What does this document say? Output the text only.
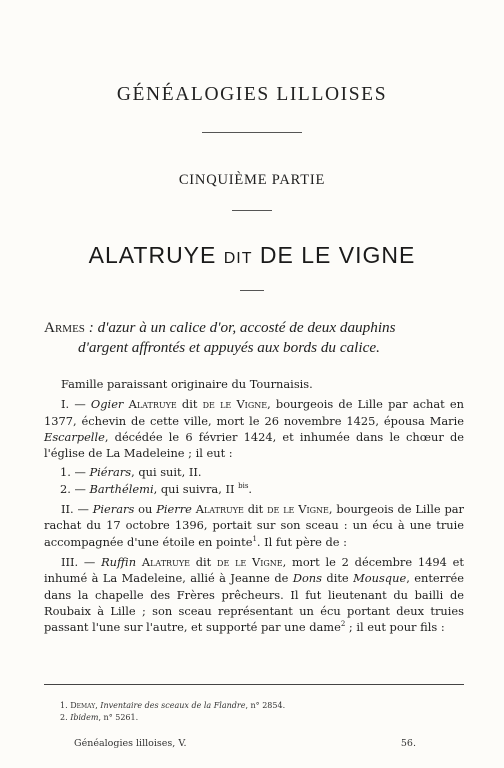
GÉNÉALOGIES LILLOISES
CINQUIÈME PARTIE
ALATRUYE DIT DE LE VIGNE
Armes : d'azur à un calice d'or, accosté de deux dauphins
d'argent affrontés et appuyés aux bords du calice.

Famille paraissant originaire du Tournaisis.

I. — Ogier Alatruye dit de le Vigne, bourgeois de Lille par achat en 1377, échevin de cette ville, mort le 26 novembre 1425, épousa Marie Escarpelle, décédée le 6 février 1424, et inhumée dans le chœur de l'église de La Madeleine ; il eut :

1. — Piérars, qui suit, II.
2. — Barthélemi, qui suivra, II $^{bis}$.

II. — Pierars ou Pierre Alatruye dit de le Vigne, bourgeois de Lille par rachat du 17 octobre 1396, portait sur son sceau : un écu à une truie accompagnée d'une étoile en pointe$^1$. Il fut père de :

III. — Ruffin Alatruye dit de le Vigne, mort le 2 décembre 1494 et inhumé à La Madeleine, allié à Jeanne de Dons dite Mousque, enterrée dans la chapelle des Frères prêcheurs. Il fut lieutenant du bailli de Roubaix à Lille ; son sceau représentant un écu portant deux truies passant l'une sur l'autre, et supporté par une dame$^2$ ; il eut pour fils :

1. Demay, Inventaire des sceaux de la Flandre, n° 2854.
2. Ibidem, n° 5261.
Généalogies lilloises, V.	56.
